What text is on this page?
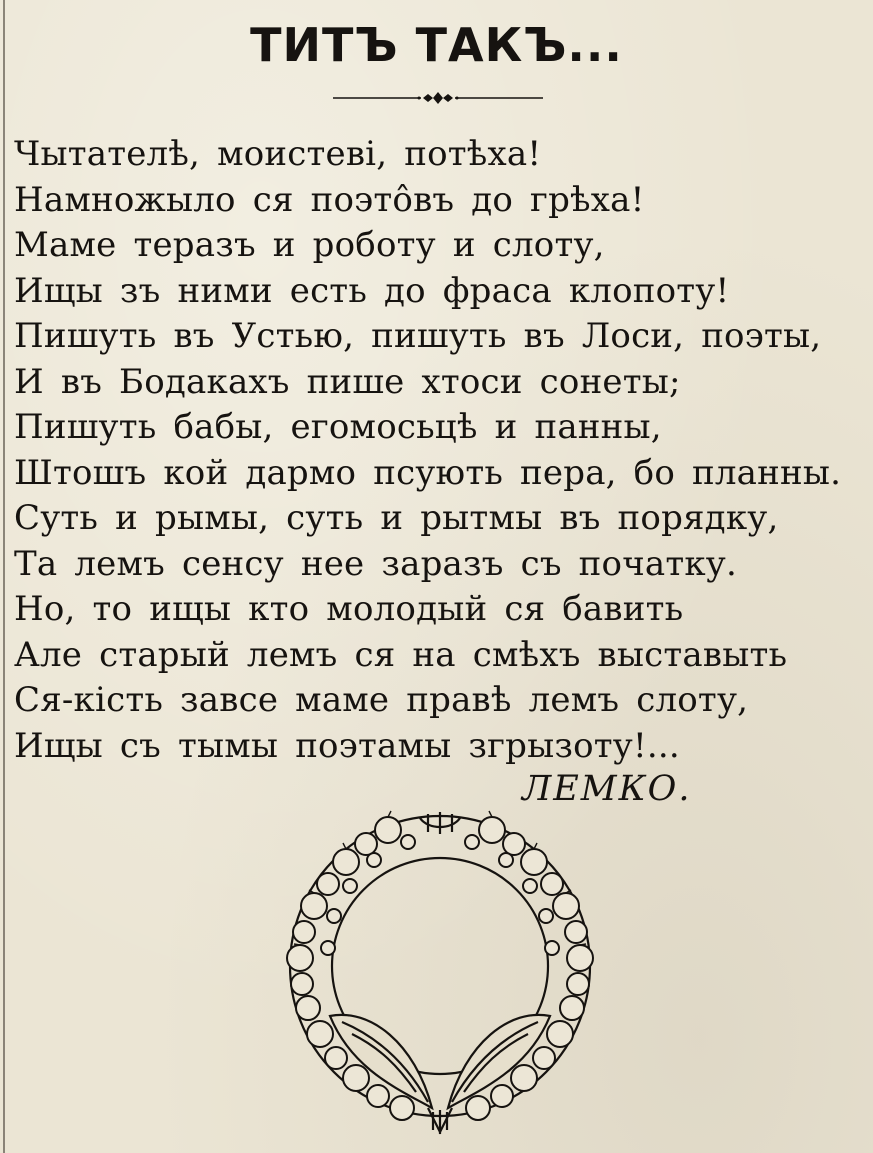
ТИТЪ ТАКЪ...
Чытателѣ, моистеві, потѣха!
Намножыло ся поэтôвъ до грѣха!
Маме теразъ и роботу и слоту,
Ищы зъ ними есть до фраса клопоту!
Пишуть въ Устью, пишуть въ Лоси, поэты,
И въ Бодакахъ пише хтоси сонеты;
Пишуть бабы, егомосьцѣ и панны,
Штошъ кой дармо псують пера, бо планны.
Суть и рымы, суть и рытмы въ порядку,
Та лемъ сенсу нее заразъ съ початку.
Но, то ищы кто молодый ся бавить
Але старый лемъ ся на смѣхъ выставыть
Ся-кість завсе маме правѣ лемъ слоту,
Ищы съ тымы поэтамы згрызоту!...
ЛЕМКО.
